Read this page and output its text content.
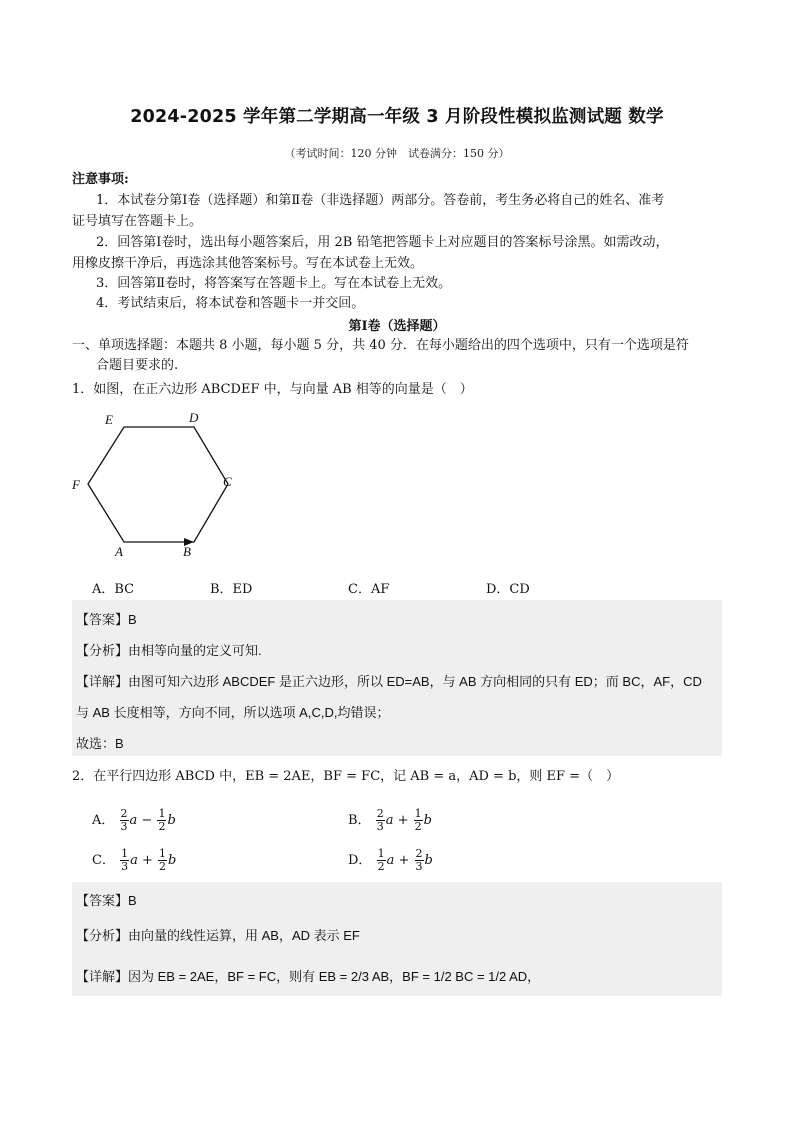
2024-2025 学年第二学期高一年级 3 月阶段性模拟监测试题 数学
（考试时间：120 分钟　试卷满分：150 分）
注意事项:
1．本试卷分第Ⅰ卷（选择题）和第Ⅱ卷（非选择题）两部分。答卷前，考生务必将自己的姓名、准考
证号填写在答题卡上。
2．回答第Ⅰ卷时，选出每小题答案后，用 2B 铅笔把答题卡上对应题目的答案标号涂黑。如需改动，
用橡皮擦干净后，再选涂其他答案标号。写在本试卷上无效。
3．回答第Ⅱ卷时，将答案写在答题卡上。写在本试卷上无效。
4．考试结束后，将本试卷和答题卡一并交回。
第Ⅰ卷（选择题）
一、单项选择题：本题共 8 小题，每小题 5 分，共 40 分．在每小题给出的四个选项中，只有一个选项是符
合题目要求的.
1．如图，在正六边形 ABCDEF 中，与向量 AB 相等的向量是（　）
E	D
F	C
A	B
A．BC	B．ED	C．AF	D．CD
【答案】B
【分析】由相等向量的定义可知.
【详解】由图可知六边形 ABCDEF 是正六边形，所以 ED=AB，与 AB 方向相同的只有 ED；而 BC，AF，CD
与 AB 长度相等，方向不同，所以选项 A,C,D,均错误；
故选：B
2．在平行四边形 ABCD 中，EB = 2AE，BF = FC，记 AB = a，AD = b，则 EF =（　）
A． $\frac{2}{3}$ $a - \frac{1}{2}$ b	B． $\frac{2}{3}$ $a + \frac{1}{2}$ b
C． $\frac{1}{3}$ $a + \frac{1}{2}$ b	D． $\frac{1}{2}$ $a + \frac{2}{3}$ b
【答案】B
【分析】由向量的线性运算，用 AB，AD 表示 EF
【详解】因为 EB = 2AE，BF = FC，则有 EB = 2/3 AB，BF = 1/2 BC = 1/2 AD，
